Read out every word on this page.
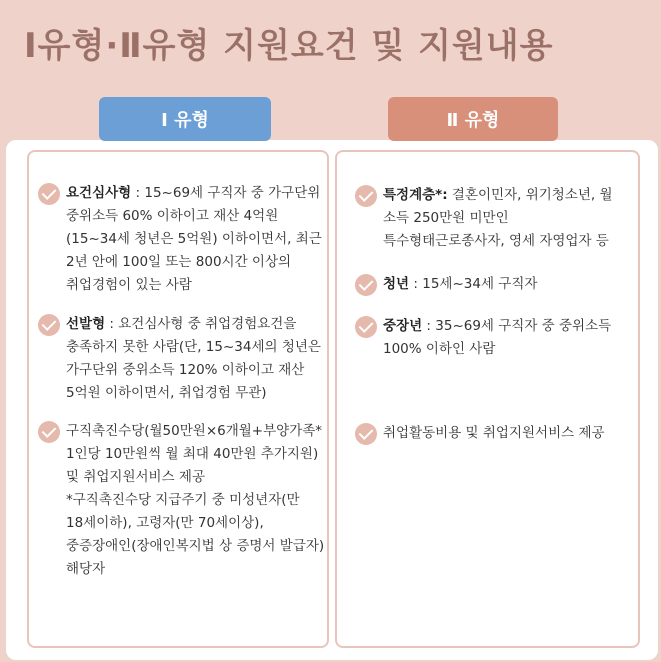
Ⅰ유형·Ⅱ유형 지원요건 및 지원내용
Ⅰ 유형	Ⅱ 유형
요건심사형 : 15~69세 구직자 중 가구단위 중위소득 60% 이하이고 재산 4억원(15~34세 청년은 5억원) 이하이면서, 최근 2년 안에 100일 또는 800시간 이상의 취업경험이 있는 사람
선발형 : 요건심사형 중 취업경험요건을 충족하지 못한 사람(단, 15~34세의 청년은 가구단위 중위소득 120% 이하이고 재산 5억원 이하이면서, 취업경험 무관)
구직촉진수당(월50만원×6개월+부양가족* 1인당 10만원씩 월 최대 40만원 추가지원) 및 취업지원서비스 제공
*구직촉진수당 지급주기 중 미성년자(만 18세이하), 고령자(만 70세이상), 중증장애인(장애인복지법 상 증명서 발급자) 해당자
특정계층*: 결혼이민자, 위기청소년, 월 소득 250만원 미만인 특수형태근로종사자, 영세 자영업자 등
청년 : 15세~34세 구직자
중장년 : 35~69세 구직자 중 중위소득 100% 이하인 사람
취업활동비용 및 취업지원서비스 제공
